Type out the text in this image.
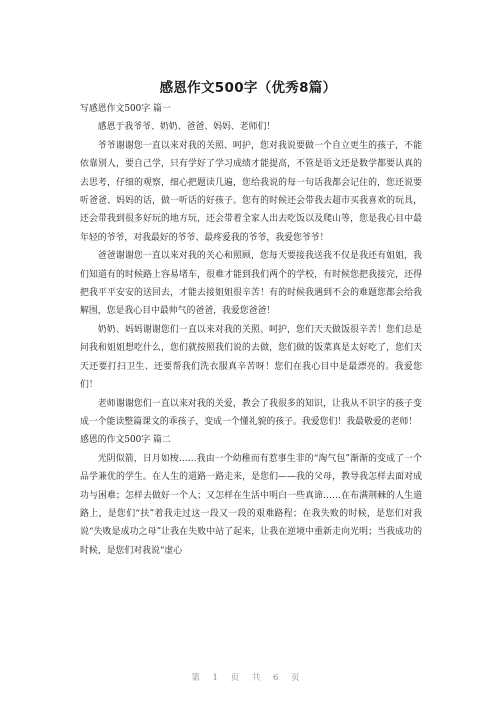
感恩作文500字（优秀8篇）

写感恩作文500字 篇一

感恩于我爷爷、奶奶、爸爸、妈妈、老师们！

爷爷谢谢您一直以来对我的关照、呵护，您对我说要做一个自立更生的孩子，不能依靠别人，要自己学，只有学好了学习成绩才能提高，不管是语文还是数学都要认真的去思考，仔细的观察，细心把题读几遍，您给我说的每一句话我都会记住的，您还说要听爸爸、妈妈的话，做一听话的好孩子。您有的时候还会带我去超市买我喜欢的玩具，还会带我到很多好玩的地方玩，还会带着全家人出去吃饭以及爬山等，您是我心目中最年轻的爷爷，对我最好的爷爷、最疼爱我的爷爷，我爱您爷爷！

爸爸谢谢您一直以来对我的关心和照顾，您每天要接我送我不仅是我还有姐姐，我们知道有的时候路上容易堵车，很难才能到我们两个的学校，有时候您把我接完，还得把我平平安安的送回去，才能去接姐姐很辛苦！有的时候我遇到不会的难题您都会给我解围，您是我心目中最帅气的爸爸，我爱您爸爸！

奶奶、妈妈谢谢您们一直以来对我的关照、呵护，您们天天做饭很辛苦！您们总是问我和姐姐想吃什么，您们就按照我们说的去做，您们做的饭菜真是太好吃了，您们天天还要打扫卫生、还要帮我们洗衣服真辛苦呀！您们在我心目中是最漂亮的。我爱您们！

老师谢谢您们一直以来对我的关爱，教会了我很多的知识，让我从不识字的孩子变成一个能读整篇课文的乖孩子，变成一个懂礼貌的孩子。我爱您们！我最敬爱的老师！

感恩的作文500字 篇二

光阴似箭，日月如梭……我由一个幼稚而有惹事生非的“淘气包”渐渐的变成了一个品学兼优的学生。在人生的道路一路走来，是您们——我的父母，教导我怎样去面对成功与困难；怎样去做好一个人；又怎样在生活中明白一些真谛……在布满荆棘的人生道路上，是您们“扶”着我走过这一段又一段的艰难路程；在我失败的时候，是您们对我说“失败是成功之母”让我在失败中站了起来，让我在逆境中重新走向光明；当我成功的时候，是您们对我说“虚心

第 1 页 共 6 页
